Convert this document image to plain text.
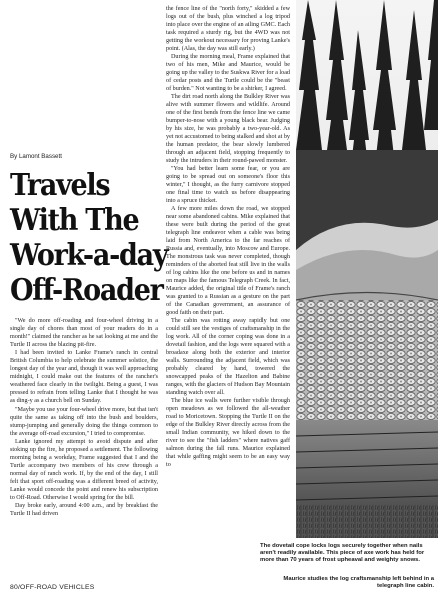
By Lamont Bassett
Travels
With The
Work-a-day
Off-Roader

"We do more off-roading and four-wheel driving in a single day of chores than most of your readers do in a month!" claimed the rancher as he sat looking at me and the Turtle II across the blazing pit-fire.

I had been invited to Lanke Frame's ranch in central British Columbia to help celebrate the summer solstice, the longest day of the year and, though it was well approaching midnight, I could make out the features of the rancher's weathered face clearly in the twilight. Being a guest, I was pressed to refrain from telling Lanke that I thought he was as ding-y as a church bell on Sunday.

"Maybe you use your four-wheel drive more, but that isn't quite the same as taking off into the bush and boulders, stump-jumping and generally doing the things common to the average off-road excursion," I tried to compromise.

Lanke ignored my attempt to avoid dispute and after stoking up the fire, he proposed a settlement. The following morning being a workday, Frame suggested that I and the Turtle accompany two members of his crew through a normal day of ranch work. If, by the end of the day, I still felt that sport off-roading was a different breed of activity, Lanke would concede the point and renew his subscription to Off-Road. Otherwise I would spring for the bill.

Day broke early, around 4:00 a.m., and by breakfast the Turtle II had driven

the fence line of the "north forty," skidded a few logs out of the bush, plus winched a log tripod into place over the engine of an ailing GMC. Each task required a sturdy rig, but the 4WD was not getting the workout necessary for proving Lanke's point. (Alas, the day was still early.)

During the morning meal, Frame explained that two of his men, Mike and Maurice, would be going up the valley to the Suskwa River for a load of cedar posts and the Turtle could be the "beast of burden." Not wanting to be a shirker, I agreed.

The dirt road north along the Bulkley River was alive with summer flowers and wildlife. Around one of the first bends from the fence line we came bumper-to-nose with a young black bear. Judging by his size, he was probably a two-year-old. As yet not accustomed to being stalked and shot at by the human predator, the bear slowly lumbered through an adjacent field, stopping frequently to study the intruders in their round-pawed monster.

"You had better learn some fear, or you are going to be spread out on someone's floor this winter," I thought, as the furry carnivore stopped one final time to watch us before disappearing into a spruce thicket.

A few more miles down the road, we stopped near some abandoned cabins. Mike explained that these were built during the period of the great telegraph line endeavor when a cable was being laid from North America to the far reaches of Russia and, eventually, into Moscow and Europe. The monstrous task was never completed, though reminders of the aborted feat still live in the walls of log cabins like the one before us and in names on maps like the famous Telegraph Creek. In fact, Maurice added, the original title of Frame's ranch was granted to a Russian as a gesture on the part of the Canadian government, an assurance of good faith on their part.

The cabin was rotting away rapidly but one could still see the vestiges of craftsmanship in the log work. All of the corner coping was done in a dovetail fashion, and the logs were squared with a broadaxe along both the exterior and interior walls. Surrounding the adjacent field, which was probably cleared by hand, towered the snowcapped peaks of the Hazelton and Babine ranges, with the glaciers of Hudson Bay Mountain standing watch over all.

The blue ice walls were further visible through open meadows as we followed the all-weather road to Moricetown. Stopping the Turtle II on the edge of the Bulkley River directly across from the small Indian community, we hiked down to the river to see the "fish ladders" where natives gaff salmon during the fall runs. Maurice explained that while gaffing might seem to be an easy way to

The dovetail cope locks logs securely together when nails aren't readily available. This piece of axe work has held for more than 70 years of frost upheaval and weighty snows.
Maurice studies the log craftsmanship left behind in a telegraph line cabin.
80/OFF-ROAD VEHICLES
